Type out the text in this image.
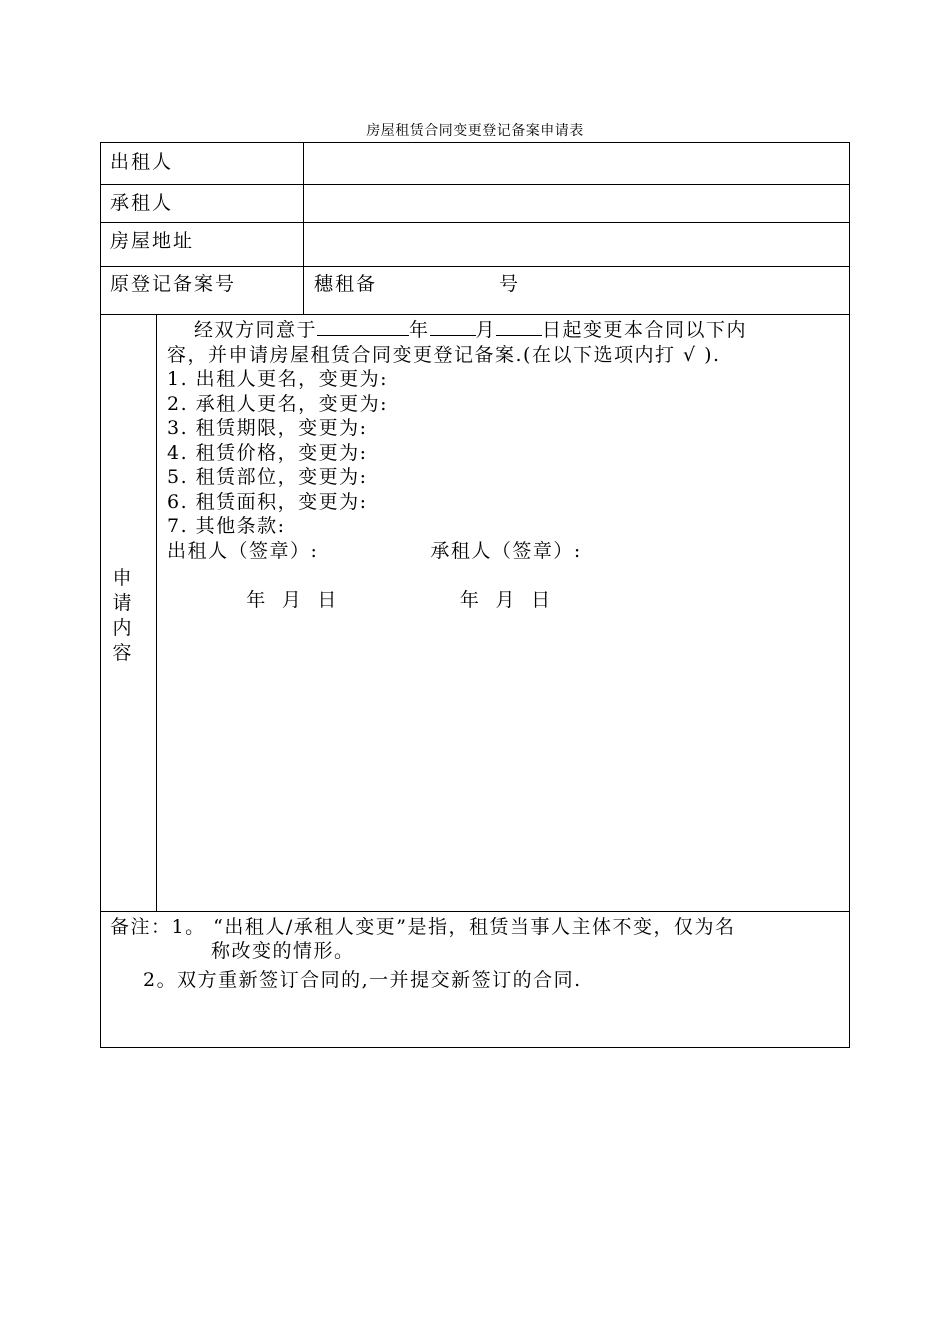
房屋租赁合同变更登记备案申请表
出租人
承租人
房屋地址
原登记备案号	穗租备	号
申
请
内
容
经双方同意于	年 月 日起变更本合同以下内
容，并申请房屋租赁合同变更登记备案.(在以下选项内打 √ ).
1. 出租人更名，变更为:
2. 承租人更名，变更为:
3. 租赁期限，变更为:
4. 租赁价格，变更为:
5. 租赁部位，变更为:
6. 租赁面积，变更为:
7. 其他条款:
出租人（签章）:	承租人（签章）:

年  月  日	年  月  日

备注：1。 “出租人/承租人变更”是指，租赁当事人主体不变，仅为名
称改变的情形。
2。双方重新签订合同的,一并提交新签订的合同.
